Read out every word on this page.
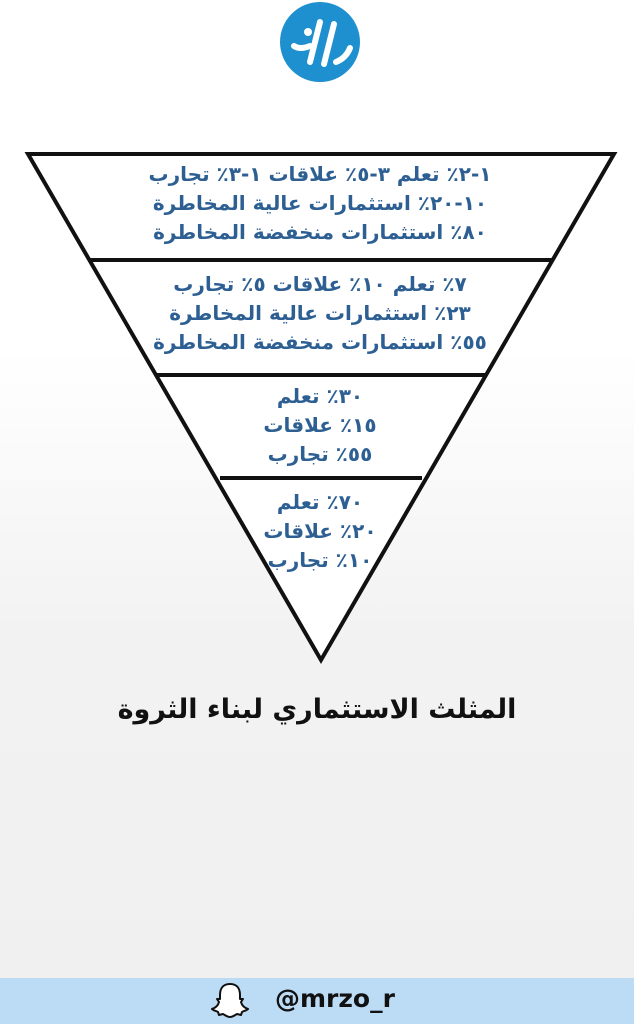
١-٢٪ تعلم ٣-٥٪ علاقات ١-٣٪ تجارب
١٠-٢٠٪ استثمارات عالية المخاطرة
٨٠٪ استثمارات منخفضة المخاطرة
٧٪ تعلم ١٠٪ علاقات ٥٪ تجارب
٢٣٪ استثمارات عالية المخاطرة
٥٥٪ استثمارات منخفضة المخاطرة
٣٠٪ تعلم
١٥٪ علاقات
٥٥٪ تجارب
٧٠٪ تعلم
٢٠٪ علاقات
١٠٪ تجارب
المثلث الاستثماري لبناء الثروة
@mrzo_r
